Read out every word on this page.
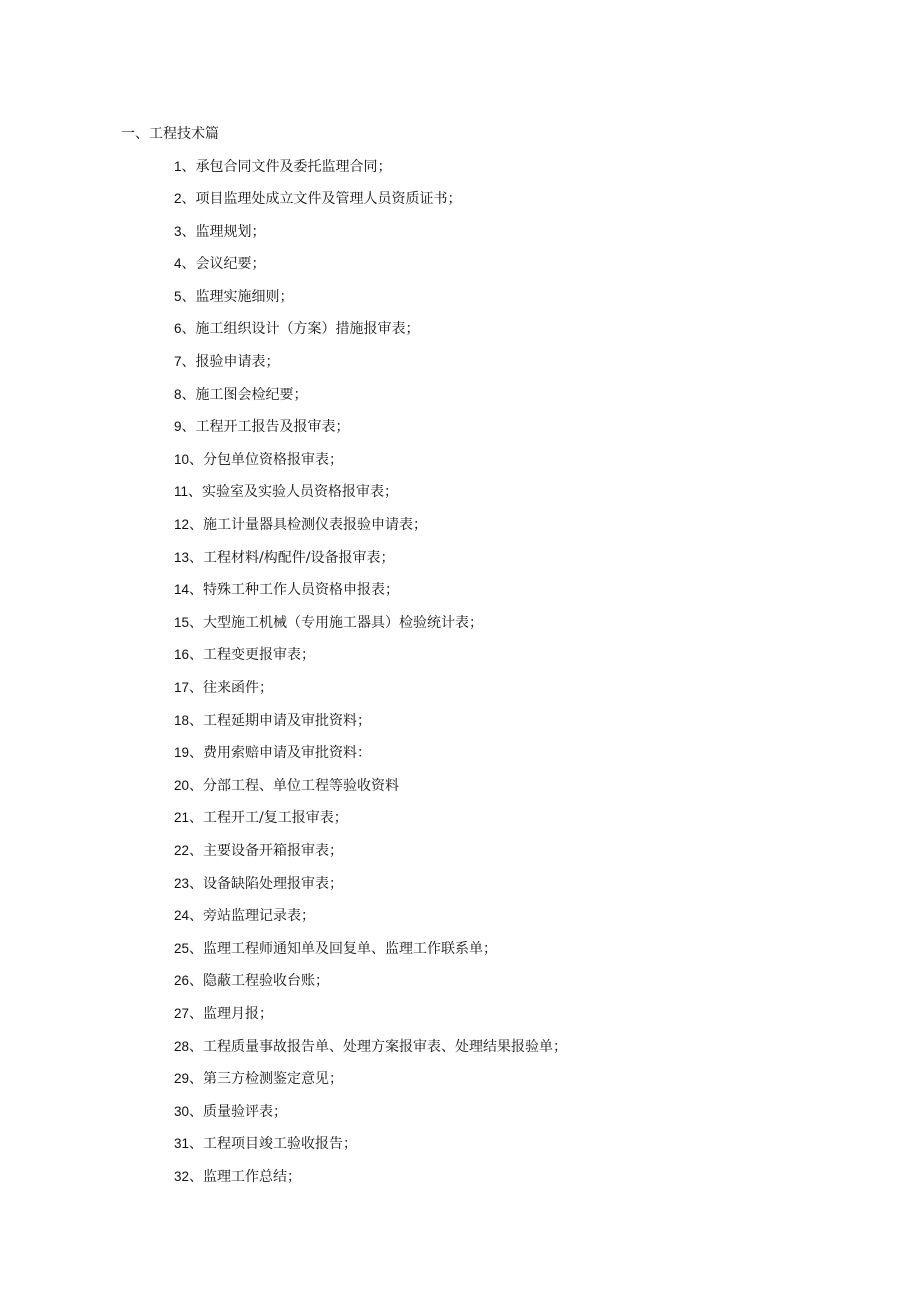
一、工程技术篇
1、承包合同文件及委托监理合同；
2、项目监理处成立文件及管理人员资质证书；
3、监理规划；
4、会议纪要；
5、监理实施细则；
6、施工组织设计（方案）措施报审表；
7、报验申请表；
8、施工图会检纪要；
9、工程开工报告及报审表；
10、分包单位资格报审表；
11、实验室及实验人员资格报审表；
12、施工计量器具检测仪表报验申请表；
13、工程材料/构配件/设备报审表；
14、特殊工种工作人员资格申报表；
15、大型施工机械（专用施工器具）检验统计表；
16、工程变更报审表；
17、往来函件；
18、工程延期申请及审批资料；
19、费用索赔申请及审批资料：
20、分部工程、单位工程等验收资料
21、工程开工/复工报审表；
22、主要设备开箱报审表；
23、设备缺陷处理报审表；
24、旁站监理记录表；
25、监理工程师通知单及回复单、监理工作联系单；
26、隐蔽工程验收台账；
27、监理月报；
28、工程质量事故报告单、处理方案报审表、处理结果报验单；
29、第三方检测鉴定意见；
30、质量验评表；
31、工程项目竣工验收报告；
32、监理工作总结；
